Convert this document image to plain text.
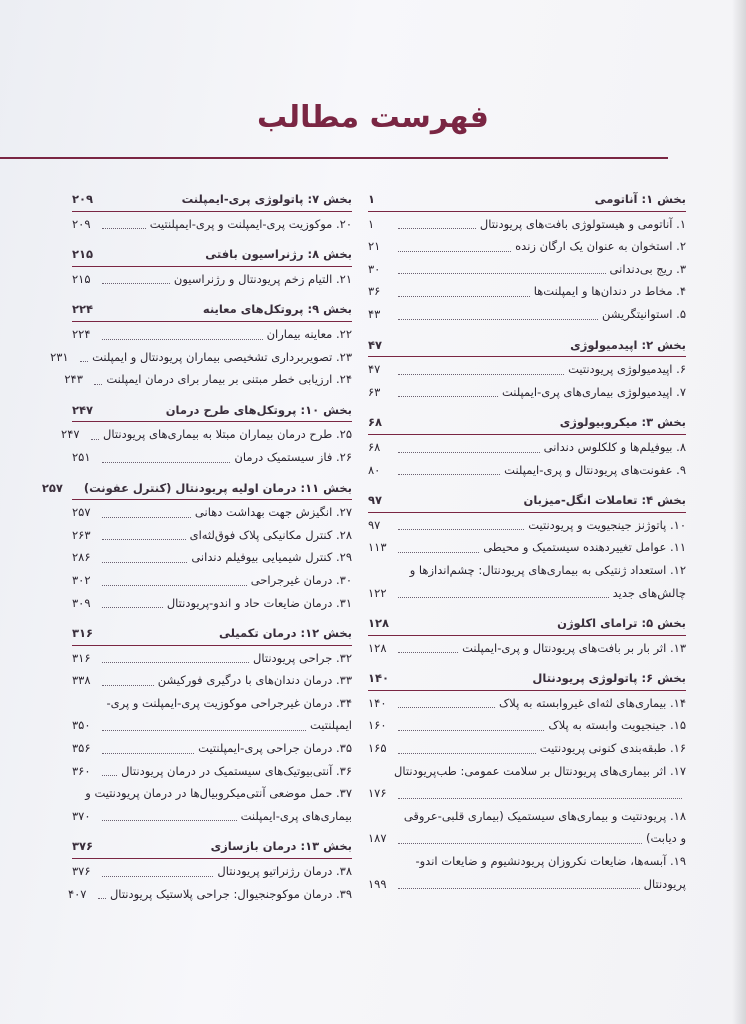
فهرست مطالب
بخش ۱: آناتومی
۱
۱. آناتومی و هیستولوژی بافت‌های پریودنتال
۱
۲. استخوان به عنوان یک ارگان زنده
۲۱
۳. ریج بی‌دندانی
۳۰
۴. مخاط در دندان‌ها و ایمپلنت‌ها
۳۶
۵. استوانیتگریشن
۴۳
بخش ۲: اپیدمیولوژی
۴۷
۶. اپیدمیولوژی پریودنتیت
۴۷
۷. اپیدمیولوژی بیماری‌های پری-ایمپلنت
۶۳
بخش ۳: میکروبیولوژی
۶۸
۸. بیوفیلم‌ها و کلکلوس دندانی
۶۸
۹. عفونت‌های پریودنتال و پری-ایمپلنت
۸۰
بخش ۴: تعاملات انگل-میزبان
۹۷
۱۰. پاتوژنز جینجیویت و پریودنتیت
۹۷
۱۱. عوامل تغییردهنده سیستمیک و محیطی
۱۱۳
۱۲. استعداد ژنتیکی به بیماری‌های پریودنتال: چشم‌اندازها و
چالش‌های جدید
۱۲۲
بخش ۵: ترامای اکلوژن
۱۲۸
۱۳. اثر بار بر بافت‌های پریودنتال و پری-ایمپلنت
۱۲۸
بخش ۶: پاتولوژی پریودنتال
۱۴۰
۱۴. بیماری‌های لثه‌ای غیروابسته به پلاک
۱۴۰
۱۵. جینجیویت وابسته به پلاک
۱۶۰
۱۶. طبقه‌بندی کنونی پریودنتیت
۱۶۵
۱۷. اثر بیماری‌های پریودنتال بر سلامت عمومی: طب‌پریودنتال
۱۷۶
۱۸. پریودنتیت و بیماری‌های سیستمیک (بیماری قلبی-عروقی
و دیابت)
۱۸۷
۱۹. آبسه‌ها، ضایعات نکروزان پریودنشیوم و ضایعات اندو-
پریودنتال
۱۹۹
بخش ۷: پاتولوژی پری-ایمپلنت
۲۰۹
۲۰. موکوزیت پری-ایمپلنت و پری-ایمپلنتیت
۲۰۹
بخش ۸: رژنراسیون بافتی
۲۱۵
۲۱. التیام زخم پریودنتال و رژنراسیون
۲۱۵
بخش ۹: پروتکل‌های معاینه
۲۲۴
۲۲. معاینه بیماران
۲۲۴
۲۳. تصویربرداری تشخیصی بیماران پریودنتال و ایمپلنت
۲۳۱
۲۴. ارزیابی خطر مبتنی بر بیمار برای درمان ایمپلنت
۲۴۳
بخش ۱۰: پروتکل‌های طرح درمان
۲۴۷
۲۵. طرح درمان بیماران مبتلا به بیماری‌های پریودنتال
۲۴۷
۲۶. فاز سیستمیک درمان
۲۵۱
بخش ۱۱: درمان اولیه پریودنتال (کنترل عفونت)
۲۵۷
۲۷. انگیزش جهت بهداشت دهانی
۲۵۷
۲۸. کنترل مکانیکی پلاک فوق‌لثه‌ای
۲۶۳
۲۹. کنترل شیمیایی بیوفیلم دندانی
۲۸۶
۳۰. درمان غیرجراحی
۳۰۲
۳۱. درمان ضایعات حاد و اندو-پریودنتال
۳۰۹
بخش ۱۲: درمان تکمیلی
۳۱۶
۳۲. جراحی پریودنتال
۳۱۶
۳۳. درمان دندان‌های با درگیری فورکیشن
۳۳۸
۳۴. درمان غیرجراحی موکوزیت پری-ایمپلنت و پری-
ایمپلنتیت
۳۵۰
۳۵. درمان جراحی پری-ایمپلنتیت
۳۵۶
۳۶. آنتی‌بیوتیک‌های سیستمیک در درمان پریودنتال
۳۶۰
۳۷. حمل موضعی آنتی‌میکروبیال‌ها در درمان پریودنتیت و
بیماری‌های پری-ایمپلنت
۳۷۰
بخش ۱۳: درمان بازسازی
۳۷۶
۳۸. درمان رژنراتیو پریودنتال
۳۷۶
۳۹. درمان موکوجنجیوال: جراحی پلاستیک پریودنتال
۴۰۷
